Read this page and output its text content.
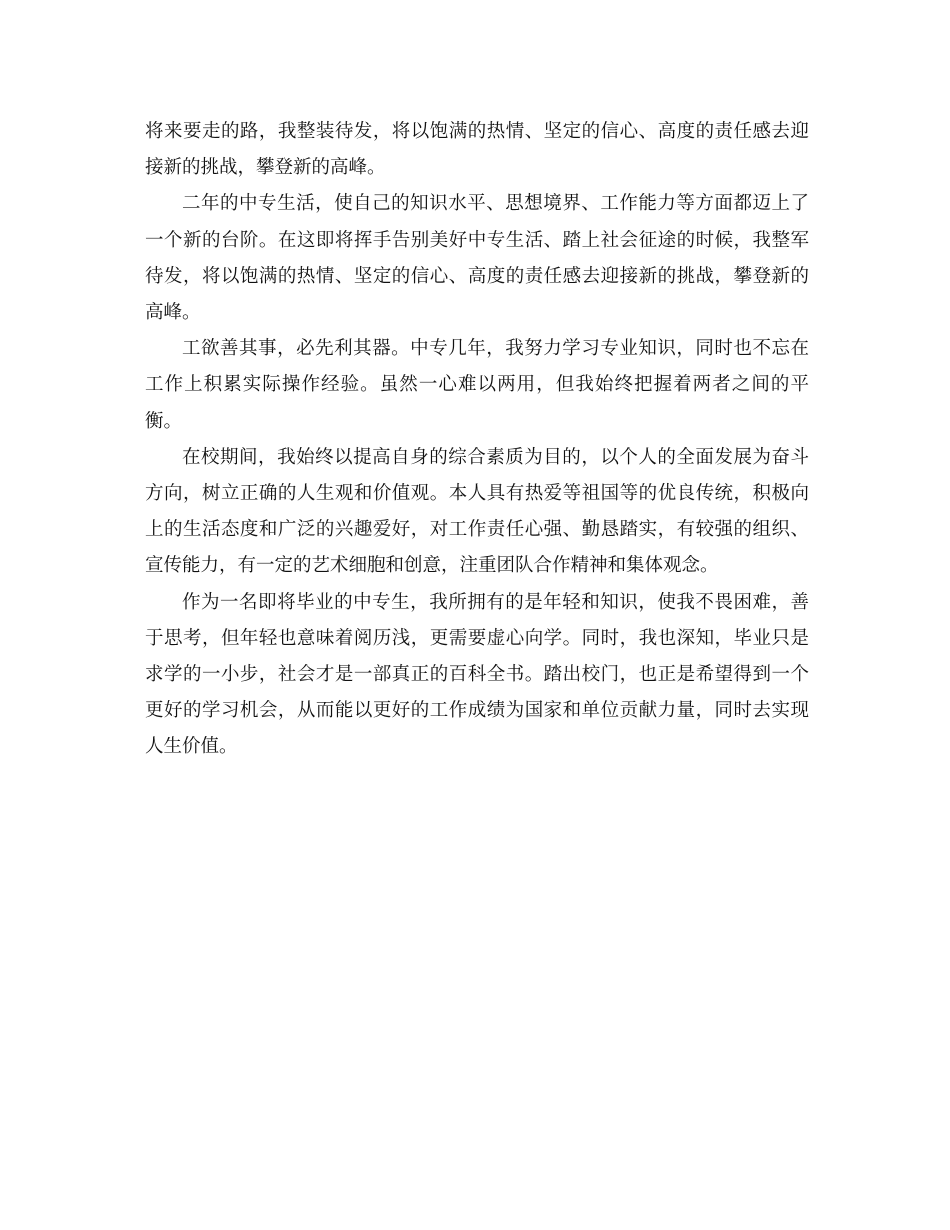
将来要走的路，我整装待发，将以饱满的热情、坚定的信心、高度的责任感去迎接新的挑战，攀登新的高峰。

二年的中专生活，使自己的知识水平、思想境界、工作能力等方面都迈上了一个新的台阶。在这即将挥手告别美好中专生活、踏上社会征途的时候，我整军待发，将以饱满的热情、坚定的信心、高度的责任感去迎接新的挑战，攀登新的高峰。

工欲善其事，必先利其器。中专几年，我努力学习专业知识，同时也不忘在工作上积累实际操作经验。虽然一心难以两用，但我始终把握着两者之间的平衡。

在校期间，我始终以提高自身的综合素质为目的，以个人的全面发展为奋斗方向，树立正确的人生观和价值观。本人具有热爱等祖国等的优良传统，积极向上的生活态度和广泛的兴趣爱好，对工作责任心强、勤恳踏实，有较强的组织、宣传能力，有一定的艺术细胞和创意，注重团队合作精神和集体观念。

作为一名即将毕业的中专生，我所拥有的是年轻和知识，使我不畏困难，善于思考，但年轻也意味着阅历浅，更需要虚心向学。同时，我也深知，毕业只是求学的一小步，社会才是一部真正的百科全书。踏出校门，也正是希望得到一个更好的学习机会，从而能以更好的工作成绩为国家和单位贡献力量，同时去实现人生价值。
